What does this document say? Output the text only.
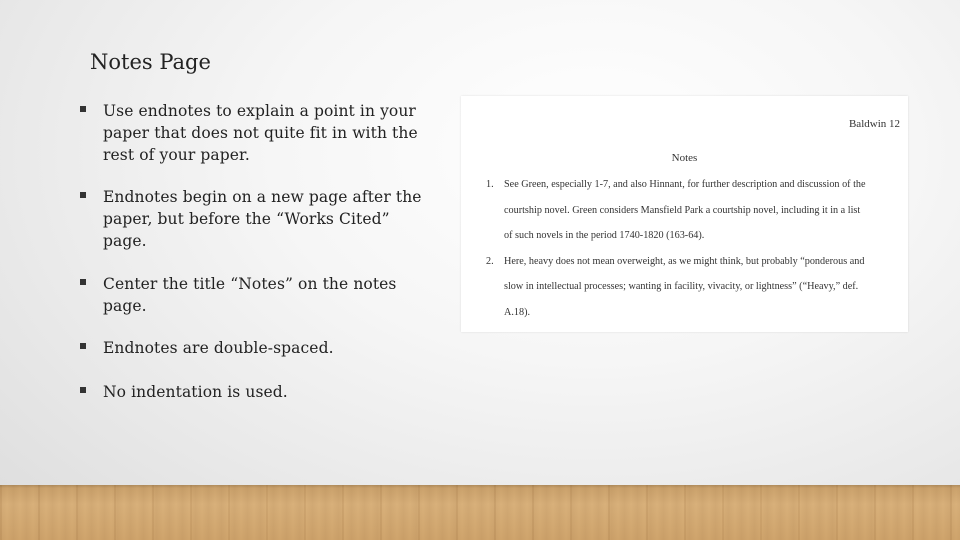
Notes Page
Use endnotes to explain a point in your paper that does not quite fit in with the rest of your paper.
Endnotes begin on a new page after the paper, but before the “Works Cited” page.
Center the title “Notes” on the notes page.
Endnotes are double-spaced.
No indentation is used.
Baldwin 12
Notes
1. See Green, especially 1-7, and also Hinnant, for further description and discussion of the
courtship novel. Green considers Mansfield Park a courtship novel, including it in a list
of such novels in the period 1740-1820 (163-64).
2. Here, heavy does not mean overweight, as we might think, but probably “ponderous and
slow in intellectual processes; wanting in facility, vivacity, or lightness” (“Heavy,” def.
A.18).
